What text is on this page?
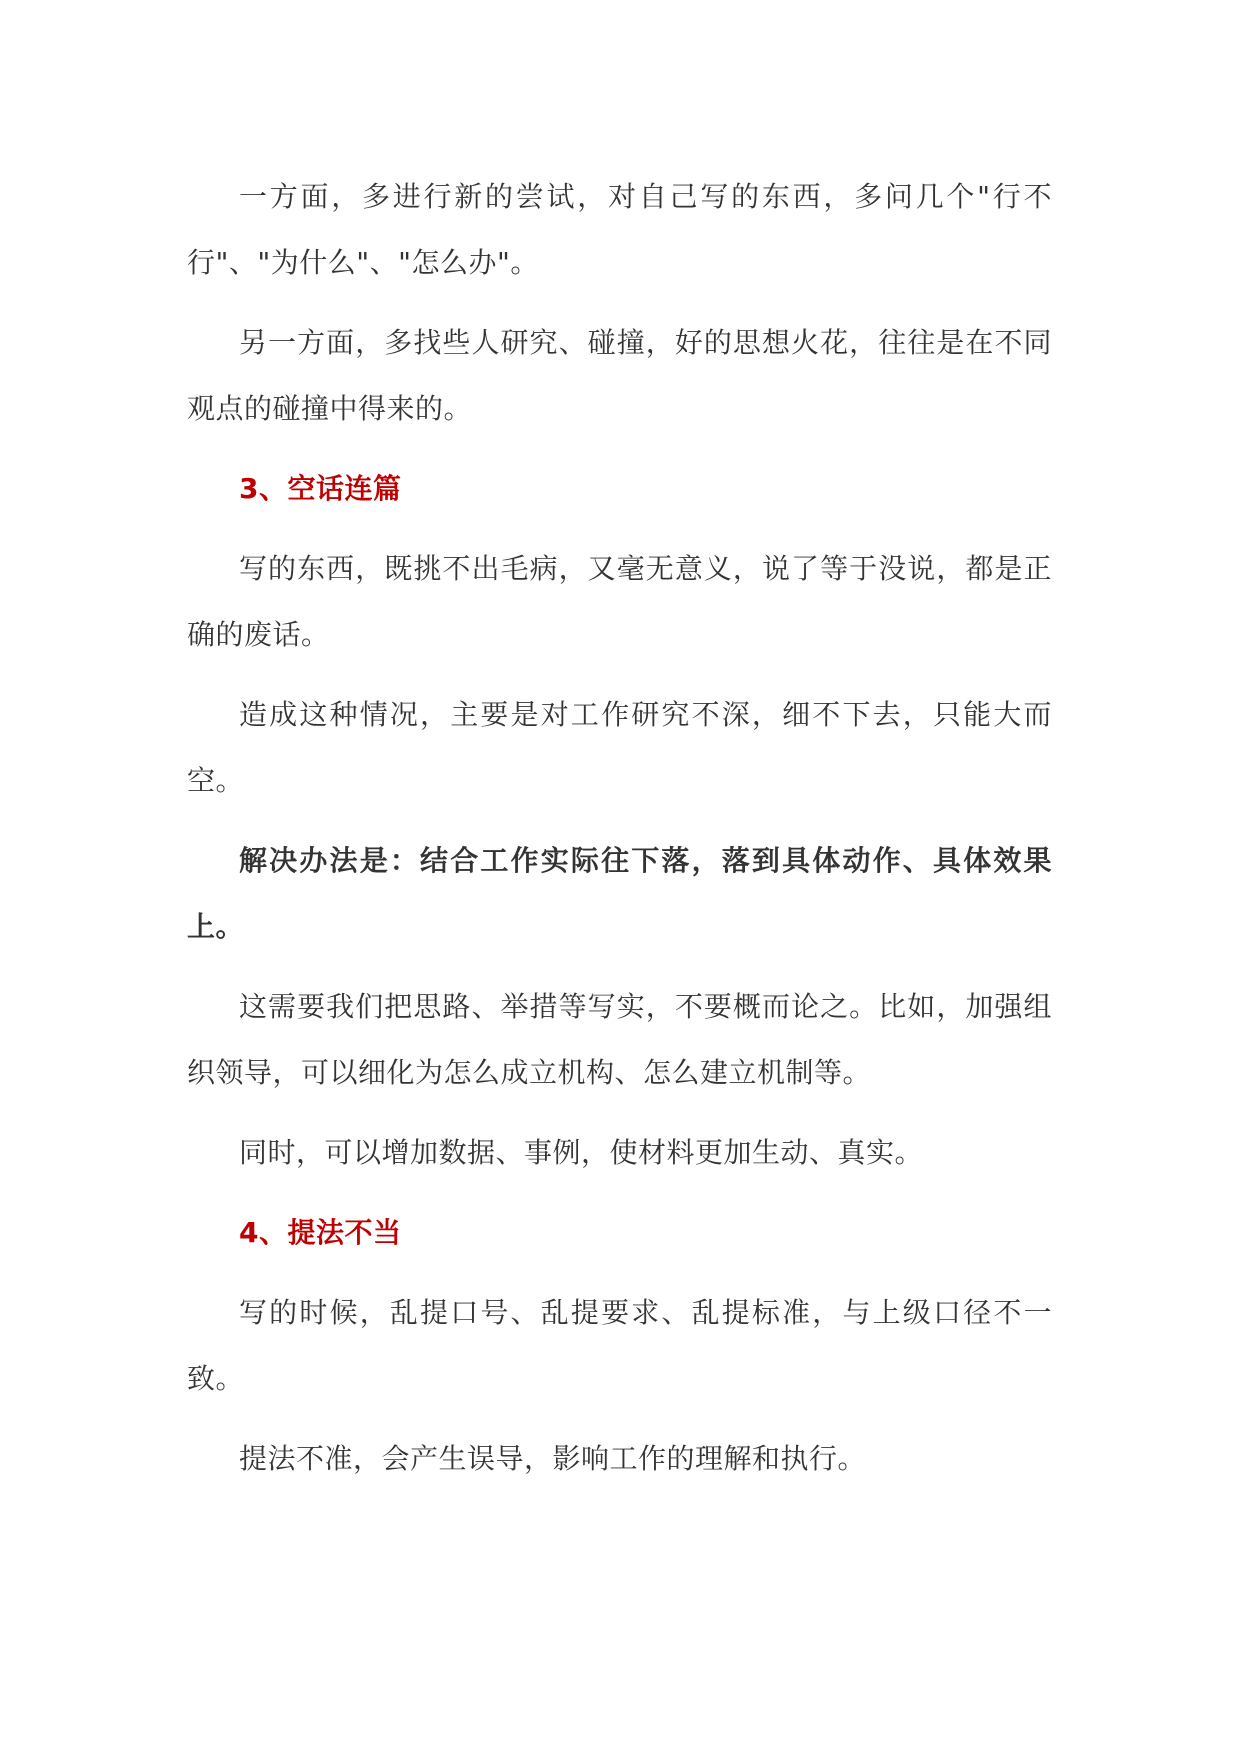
一方面，多进行新的尝试，对自己写的东西，多问几个"行不行"、"为什么"、"怎么办"。

另一方面，多找些人研究、碰撞，好的思想火花，往往是在不同观点的碰撞中得来的。

3、空话连篇

写的东西，既挑不出毛病，又毫无意义，说了等于没说，都是正确的废话。

造成这种情况，主要是对工作研究不深，细不下去，只能大而空。

解决办法是：结合工作实际往下落，落到具体动作、具体效果上。

这需要我们把思路、举措等写实，不要概而论之。比如，加强组织领导，可以细化为怎么成立机构、怎么建立机制等。

同时，可以增加数据、事例，使材料更加生动、真实。

4、提法不当

写的时候，乱提口号、乱提要求、乱提标准，与上级口径不一致。

提法不准，会产生误导，影响工作的理解和执行。
